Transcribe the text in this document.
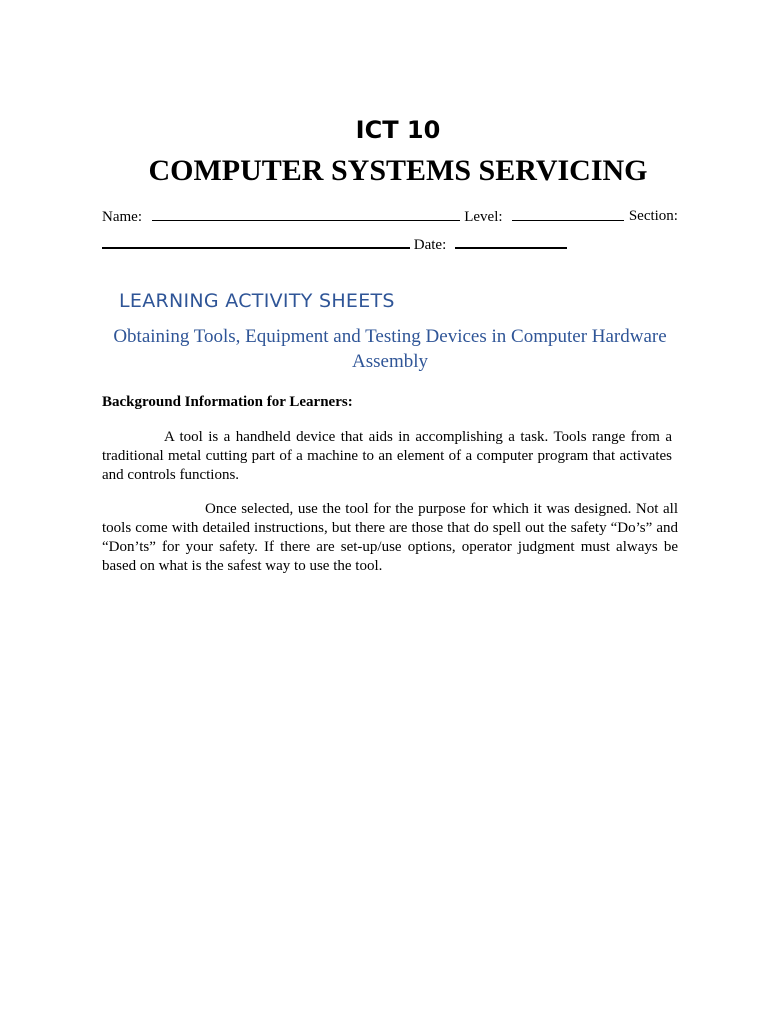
ICT 10
COMPUTER SYSTEMS SERVICING
Name:	Level:	Section:
Date:
LEARNING ACTIVITY SHEETS
Obtaining Tools, Equipment and Testing Devices in Computer Hardware Assembly
Background Information for Learners:
A tool is a handheld device that aids in accomplishing a task. Tools range from a traditional metal cutting part of a machine to an element of a computer program that activates and controls functions.
Once selected, use the tool for the purpose for which it was designed. Not all tools come with detailed instructions, but there are those that do spell out the safety “Do’s” and “Don’ts” for your safety. If there are set-up/use options, operator judgment must always be based on what is the safest way to use the tool.
